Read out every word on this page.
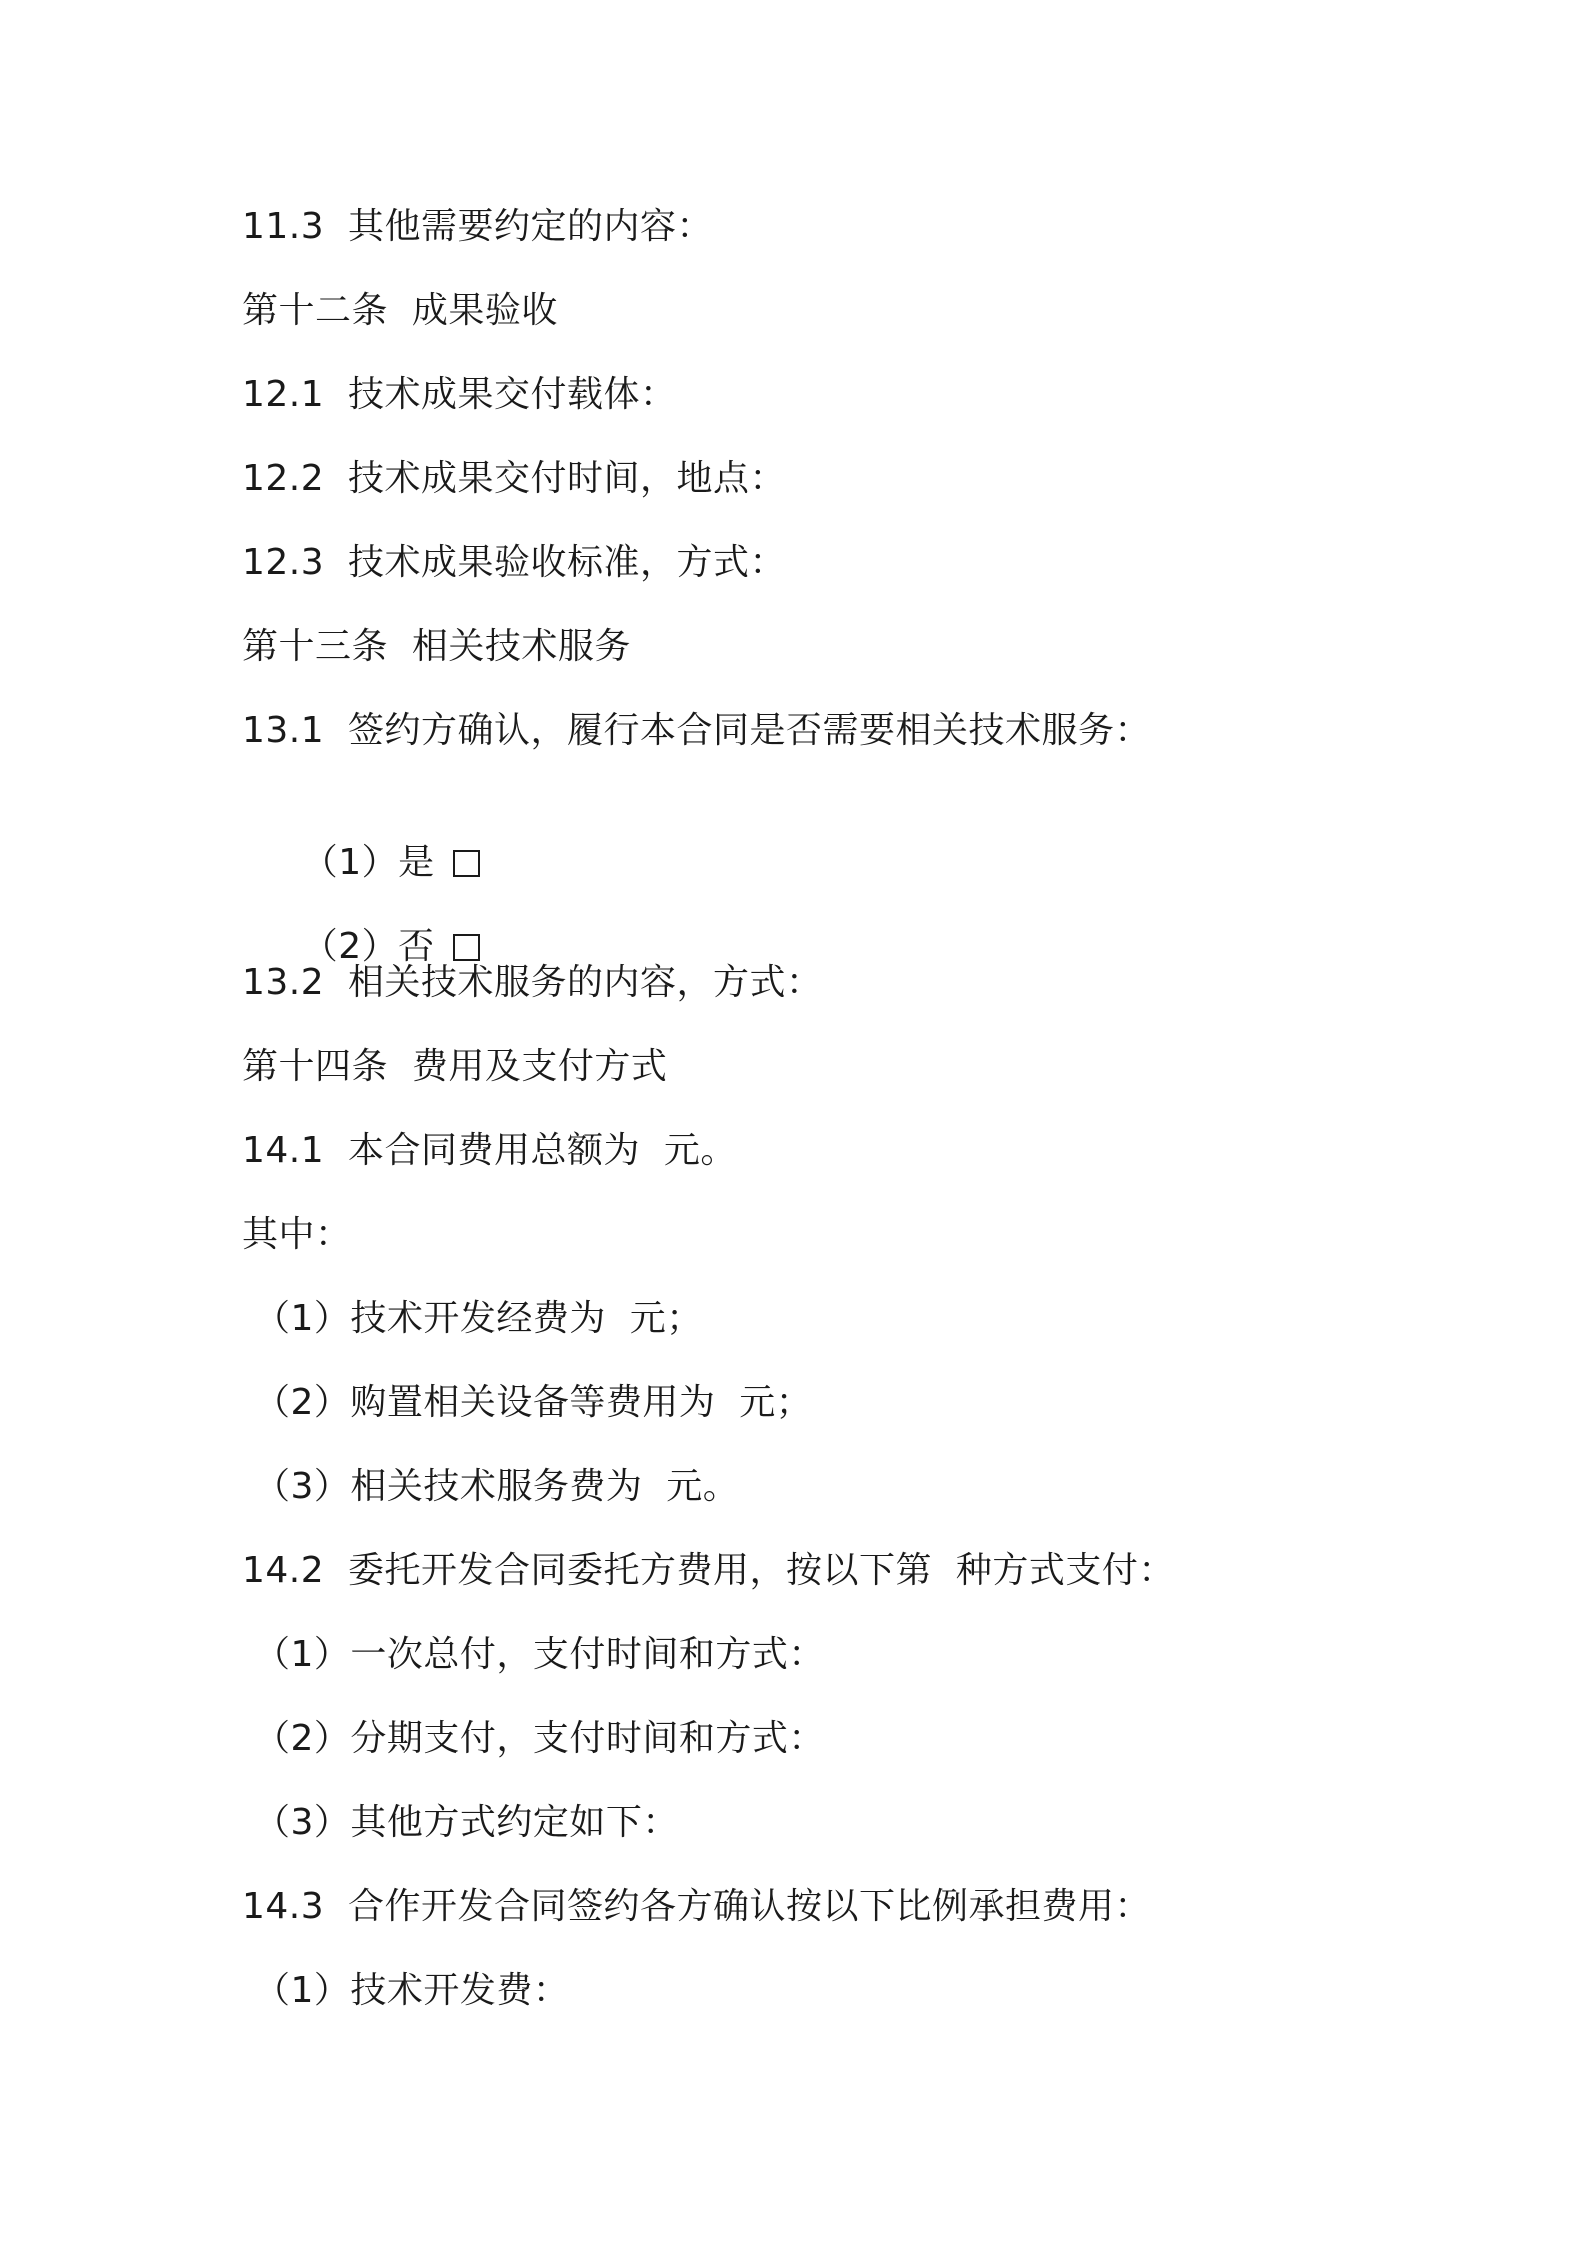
11.3  其他需要约定的内容：
第十二条  成果验收
12.1  技术成果交付载体：
12.2  技术成果交付时间，地点：
12.3  技术成果验收标准，方式：
第十三条  相关技术服务
13.1  签约方确认，履行本合同是否需要相关技术服务：

（1）是

（2）否

13.2  相关技术服务的内容，方式：
第十四条  费用及支付方式
14.1  本合同费用总额为  元。
其中：
（1）技术开发经费为  元；
（2）购置相关设备等费用为  元；
（3）相关技术服务费为  元。
14.2  委托开发合同委托方费用，按以下第  种方式支付：
（1）一次总付，支付时间和方式：
（2）分期支付，支付时间和方式：
（3）其他方式约定如下：
14.3  合作开发合同签约各方确认按以下比例承担费用：
（1）技术开发费：
